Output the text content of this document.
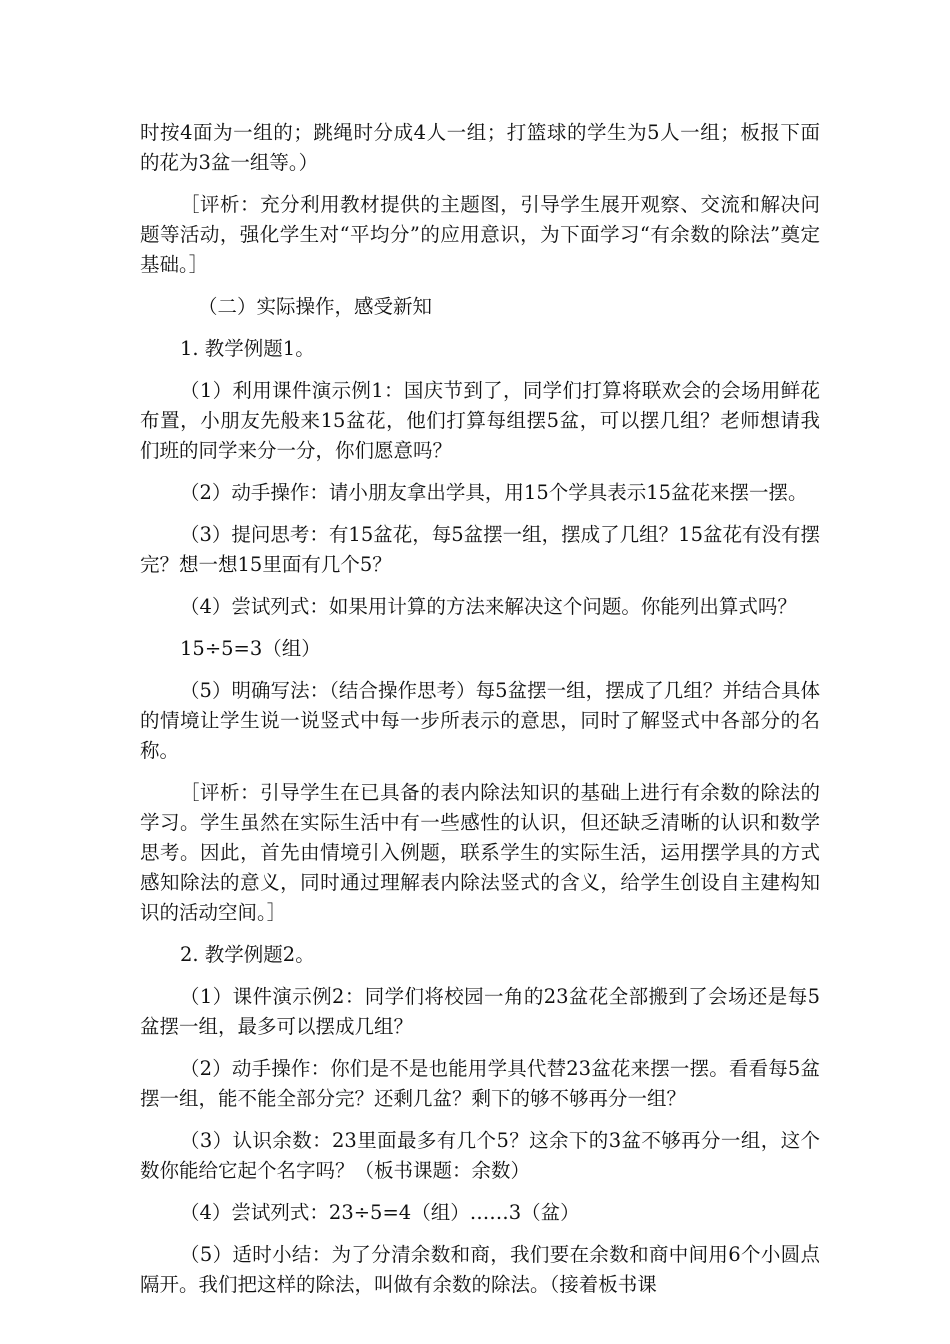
时按4面为一组的；跳绳时分成4人一组；打篮球的学生为5人一组；板报下面的花为3盆一组等。）

［评析：充分利用教材提供的主题图，引导学生展开观察、交流和解决问题等活动，强化学生对“平均分”的应用意识，为下面学习“有余数的除法”奠定基础。］

（二）实际操作，感受新知

1. 教学例题1。

（1）利用课件演示例1：国庆节到了，同学们打算将联欢会的会场用鲜花布置，小朋友先般来15盆花，他们打算每组摆5盆，可以摆几组？老师想请我们班的同学来分一分，你们愿意吗？

（2）动手操作：请小朋友拿出学具，用15个学具表示15盆花来摆一摆。

（3）提问思考：有15盆花，每5盆摆一组，摆成了几组？15盆花有没有摆完？想一想15里面有几个5？

（4）尝试列式：如果用计算的方法来解决这个问题。你能列出算式吗？

15÷5=3（组）

（5）明确写法：（结合操作思考）每5盆摆一组，摆成了几组？并结合具体的情境让学生说一说竖式中每一步所表示的意思，同时了解竖式中各部分的名称。

［评析：引导学生在已具备的表内除法知识的基础上进行有余数的除法的学习。学生虽然在实际生活中有一些感性的认识，但还缺乏清晰的认识和数学思考。因此，首先由情境引入例题，联系学生的实际生活，运用摆学具的方式感知除法的意义，同时通过理解表内除法竖式的含义，给学生创设自主建构知识的活动空间。］

2. 教学例题2。

（1）课件演示例2：同学们将校园一角的23盆花全部搬到了会场还是每5盆摆一组，最多可以摆成几组？

（2）动手操作：你们是不是也能用学具代替23盆花来摆一摆。看看每5盆摆一组，能不能全部分完？还剩几盆？剩下的够不够再分一组？

（3）认识余数：23里面最多有几个5？这余下的3盆不够再分一组，这个数你能给它起个名字吗？（板书课题：余数）

（4）尝试列式：23÷5=4（组）……3（盆）

（5）适时小结：为了分清余数和商，我们要在余数和商中间用6个小圆点隔开。我们把这样的除法，叫做有余数的除法。（接着板书课
